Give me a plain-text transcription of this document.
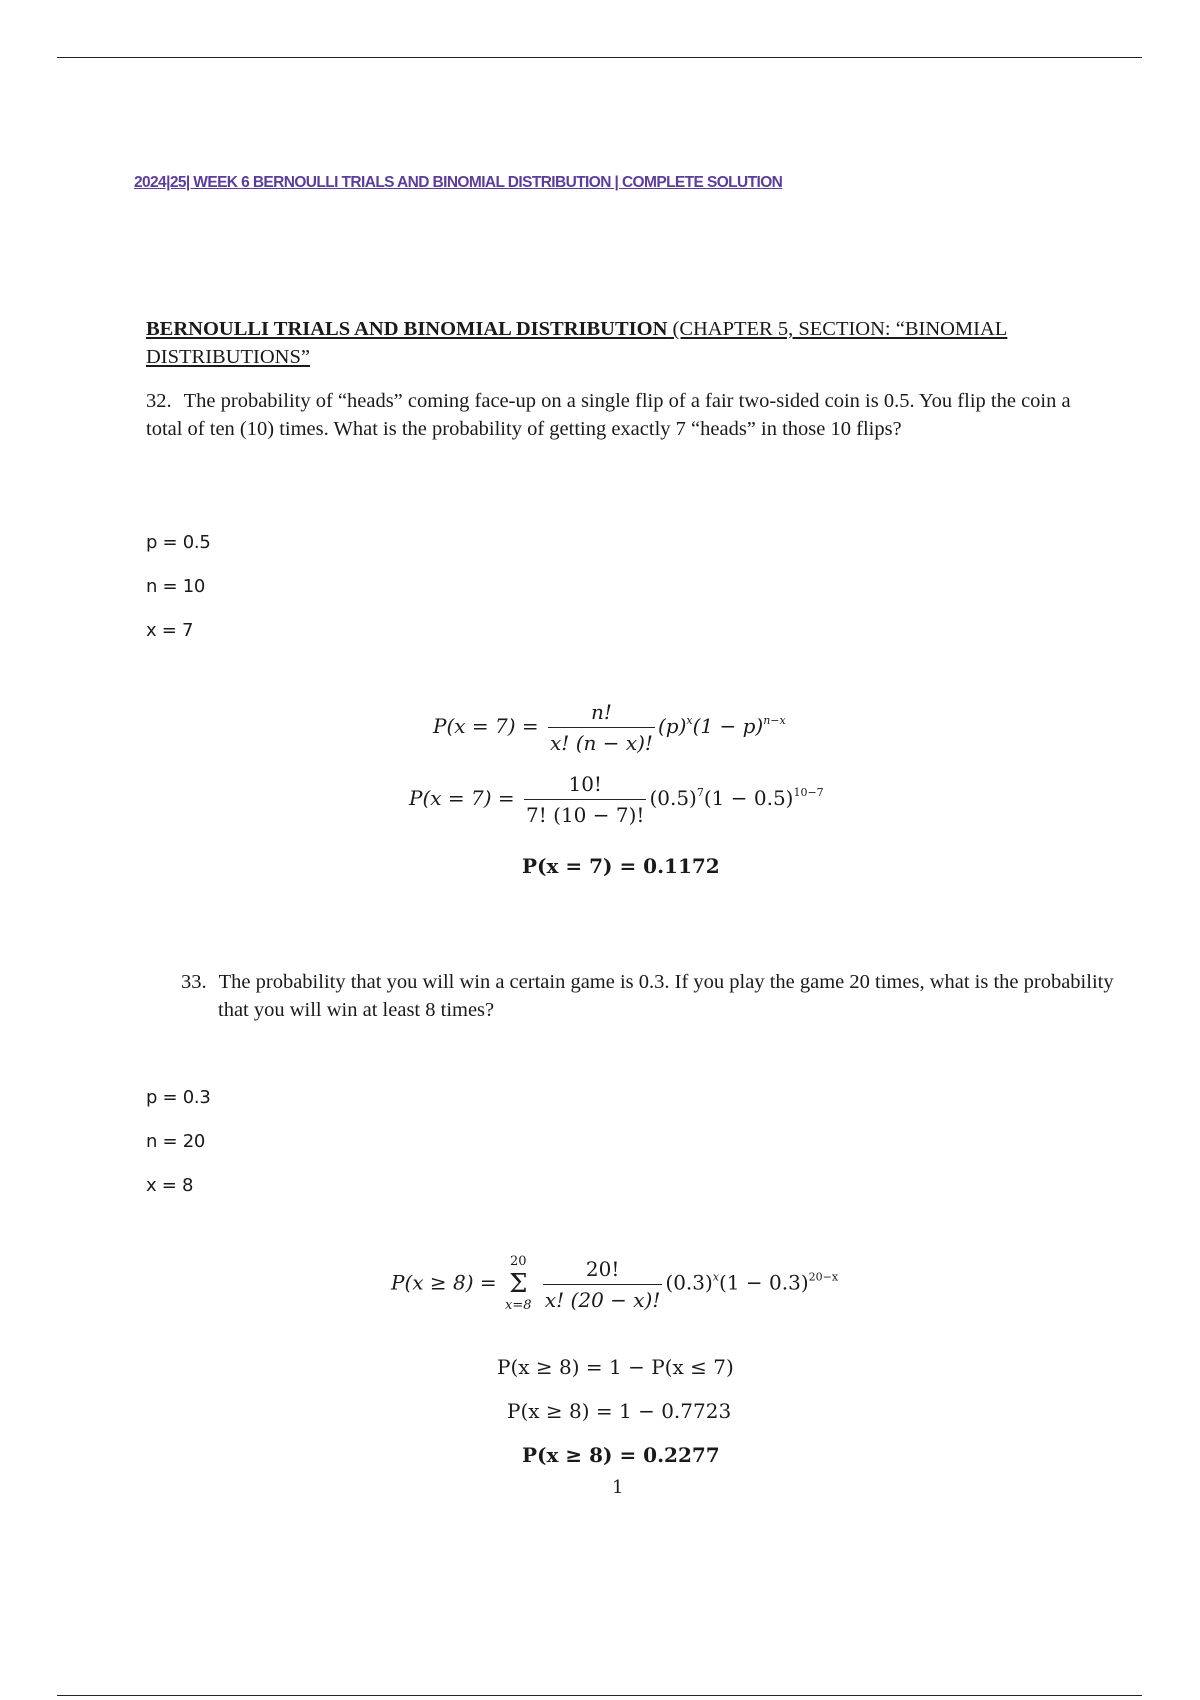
2024|25| WEEK 6 BERNOULLI TRIALS AND BINOMIAL DISTRIBUTION | COMPLETE SOLUTION
BERNOULLI TRIALS AND BINOMIAL DISTRIBUTION (CHAPTER 5, SECTION: “BINOMIAL DISTRIBUTIONS”
32. The probability of “heads” coming face-up on a single flip of a fair two-sided coin is 0.5. You flip the coin a total of ten (10) times. What is the probability of getting exactly 7 “heads” in those 10 flips?
p = 0.5
n = 10
x = 7
$P(x = 7) = \frac{n!}{x! (n - x)!} (p)^x(1 - p)^{n-x}$
$P(x = 7) = \frac{10!}{7! (10 - 7)!} (0.5)^7(1 - 0.5)^{10-7}$
P(x = 7) = 0.1172
33. The probability that you will win a certain game is 0.3. If you play the game 20 times, what is the probability that you will win at least 8 times?
p = 0.3
n = 20
x = 8
P(x ≥ 8) =
20
Σ
x=8
$\frac{20!}{x! (20 - x)!} (0.3)^x(1 - 0.3)^{20-x}$
P(x ≥ 8) = 1 − P(x ≤ 7)
P(x ≥ 8) = 1 − 0.7723
P(x ≥ 8) = 0.2277
1
